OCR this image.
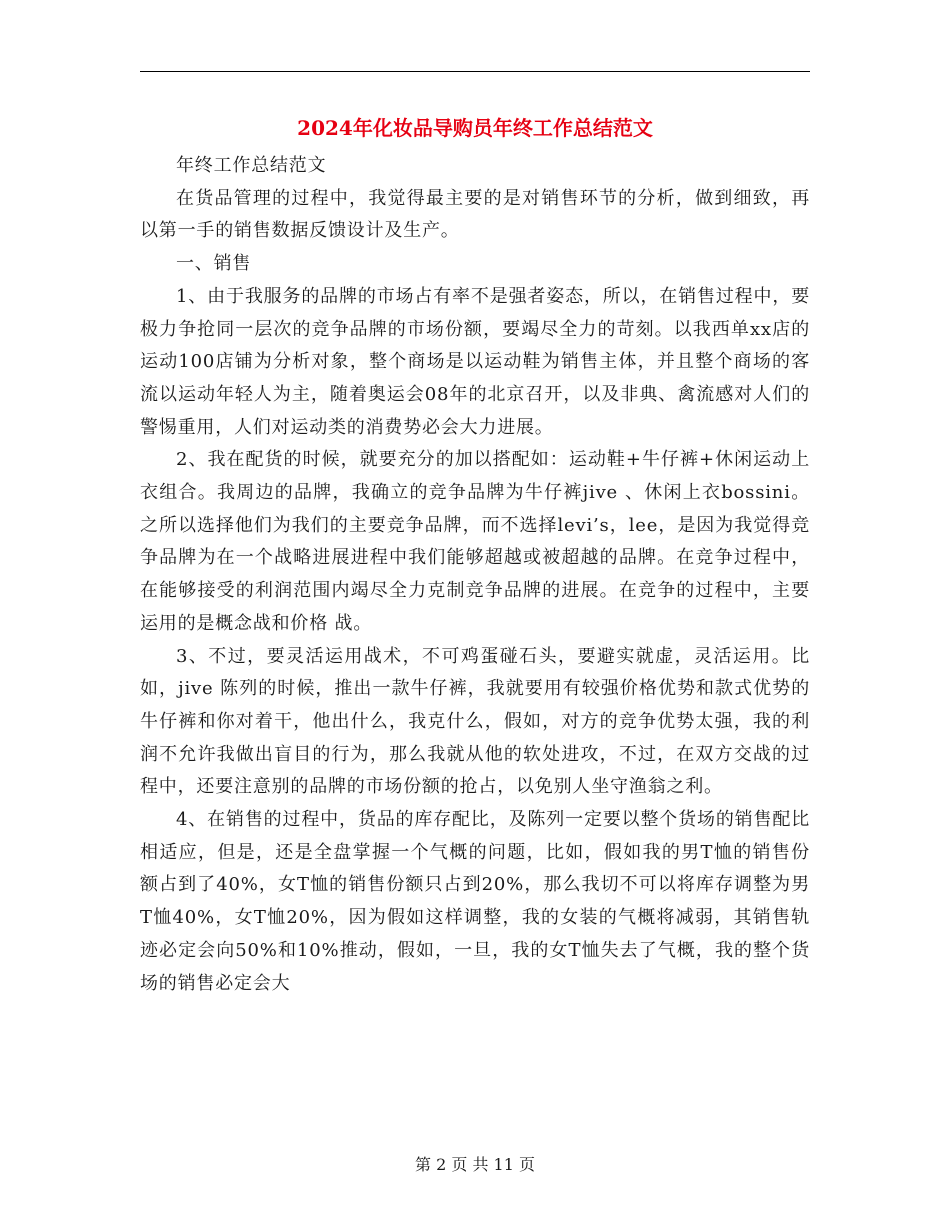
2024年化妆品导购员年终工作总结范文

年终工作总结范文

在货品管理的过程中，我觉得最主要的是对销售环节的分析，做到细致，再以第一手的销售数据反馈设计及生产。

一、销售

1、由于我服务的品牌的市场占有率不是强者姿态，所以，在销售过程中，要极力争抢同一层次的竞争品牌的市场份额，要竭尽全力的苛刻。以我西单xx店的运动100店铺为分析对象，整个商场是以运动鞋为销售主体，并且整个商场的客流以运动年轻人为主，随着奥运会08年的北京召开，以及非典、禽流感对人们的警惕重用，人们对运动类的消费势必会大力进展。

2、我在配货的时候，就要充分的加以搭配如：运动鞋+牛仔裤+休闲运动上衣组合。我周边的品牌，我确立的竞争品牌为牛仔裤jive 、休闲上衣bossini。之所以选择他们为我们的主要竞争品牌，而不选择levi’s，lee，是因为我觉得竞争品牌为在一个战略进展进程中我们能够超越或被超越的品牌。在竞争过程中，在能够接受的利润范围内竭尽全力克制竞争品牌的进展。在竞争的过程中，主要运用的是概念战和价格 战。

3、不过，要灵活运用战术，不可鸡蛋碰石头，要避实就虚，灵活运用。比如，jive 陈列的时候，推出一款牛仔裤，我就要用有较强价格优势和款式优势的牛仔裤和你对着干，他出什么，我克什么，假如，对方的竞争优势太强，我的利润不允许我做出盲目的行为，那么我就从他的软处进攻，不过，在双方交战的过程中，还要注意别的品牌的市场份额的抢占，以免别人坐守渔翁之利。

4、在销售的过程中，货品的库存配比，及陈列一定要以整个货场的销售配比相适应，但是，还是全盘掌握一个气概的问题，比如，假如我的男T恤的销售份额占到了40%，女T恤的销售份额只占到20%，那么我切不可以将库存调整为男T恤40%，女T恤20%，因为假如这样调整，我的女装的气概将减弱，其销售轨迹必定会向50%和10%推动，假如，一旦，我的女T恤失去了气概，我的整个货场的销售必定会大

第 2 页 共 11 页
